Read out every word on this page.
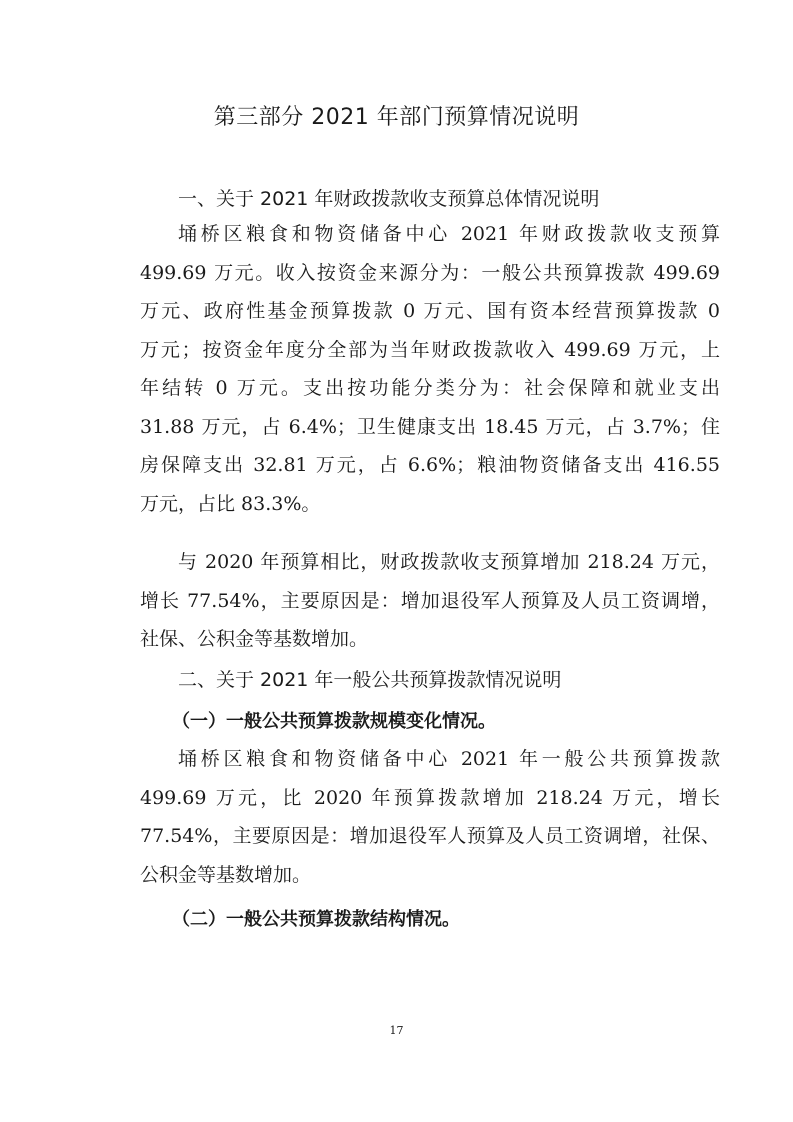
第三部分 2021 年部门预算情况说明
一、关于 2021 年财政拨款收支预算总体情况说明
埇桥区粮食和物资储备中心 2021 年财政拨款收支预算
499.69 万元。收入按资金来源分为：一般公共预算拨款 499.69
万元、政府性基金预算拨款 0 万元、国有资本经营预算拨款 0
万元；按资金年度分全部为当年财政拨款收入 499.69 万元，上
年结转 0 万元。支出按功能分类分为：社会保障和就业支出
31.88 万元，占 6.4%；卫生健康支出 18.45 万元，占 3.7%；住
房保障支出 32.81 万元，占 6.6%；粮油物资储备支出 416.55
万元，占比 83.3%。
与 2020 年预算相比，财政拨款收支预算增加 218.24 万元，
增长 77.54%，主要原因是：增加退役军人预算及人员工资调增，
社保、公积金等基数增加。
二、关于 2021 年一般公共预算拨款情况说明
（一）一般公共预算拨款规模变化情况。
埇桥区粮食和物资储备中心 2021 年一般公共预算拨款
499.69 万元，比 2020 年预算拨款增加 218.24 万元，增长
77.54%，主要原因是：增加退役军人预算及人员工资调增，社保、
公积金等基数增加。
（二）一般公共预算拨款结构情况。
17
